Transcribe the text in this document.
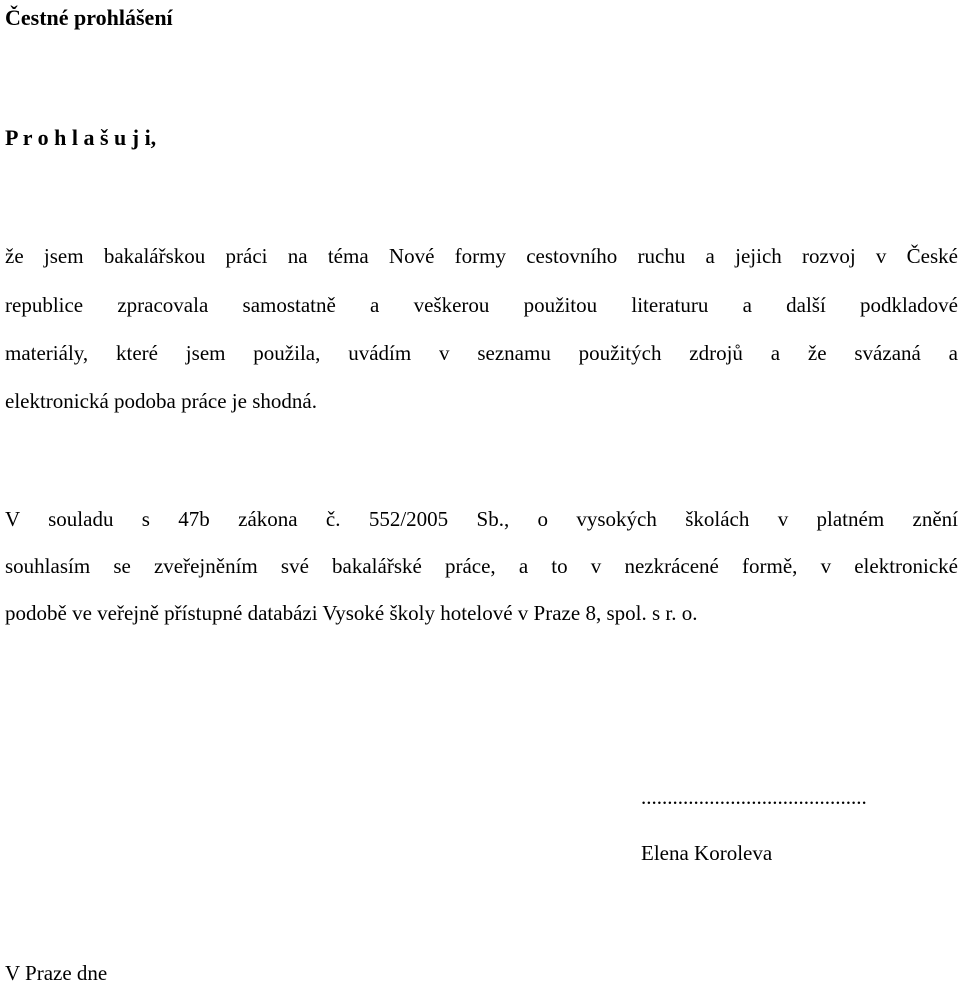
Čestné prohlášení
P r o h l a š u j i,
že jsem bakalářskou práci na téma Nové formy cestovního ruchu a jejich rozvoj v České
republice zpracovala samostatně a veškerou použitou literaturu a další podkladové
materiály, které jsem použila, uvádím v seznamu použitých zdrojů a že svázaná a
elektronická podoba práce je shodná.
V souladu s 47b zákona č. 552/2005 Sb., o vysokých školách v platném znění
souhlasím se zveřejněním své bakalářské práce, a to v nezkrácené formě, v elektronické
podobě ve veřejně přístupné databázi Vysoké školy hotelové v Praze 8, spol. s r. o.
...........................................
Elena Koroleva
V Praze dne
